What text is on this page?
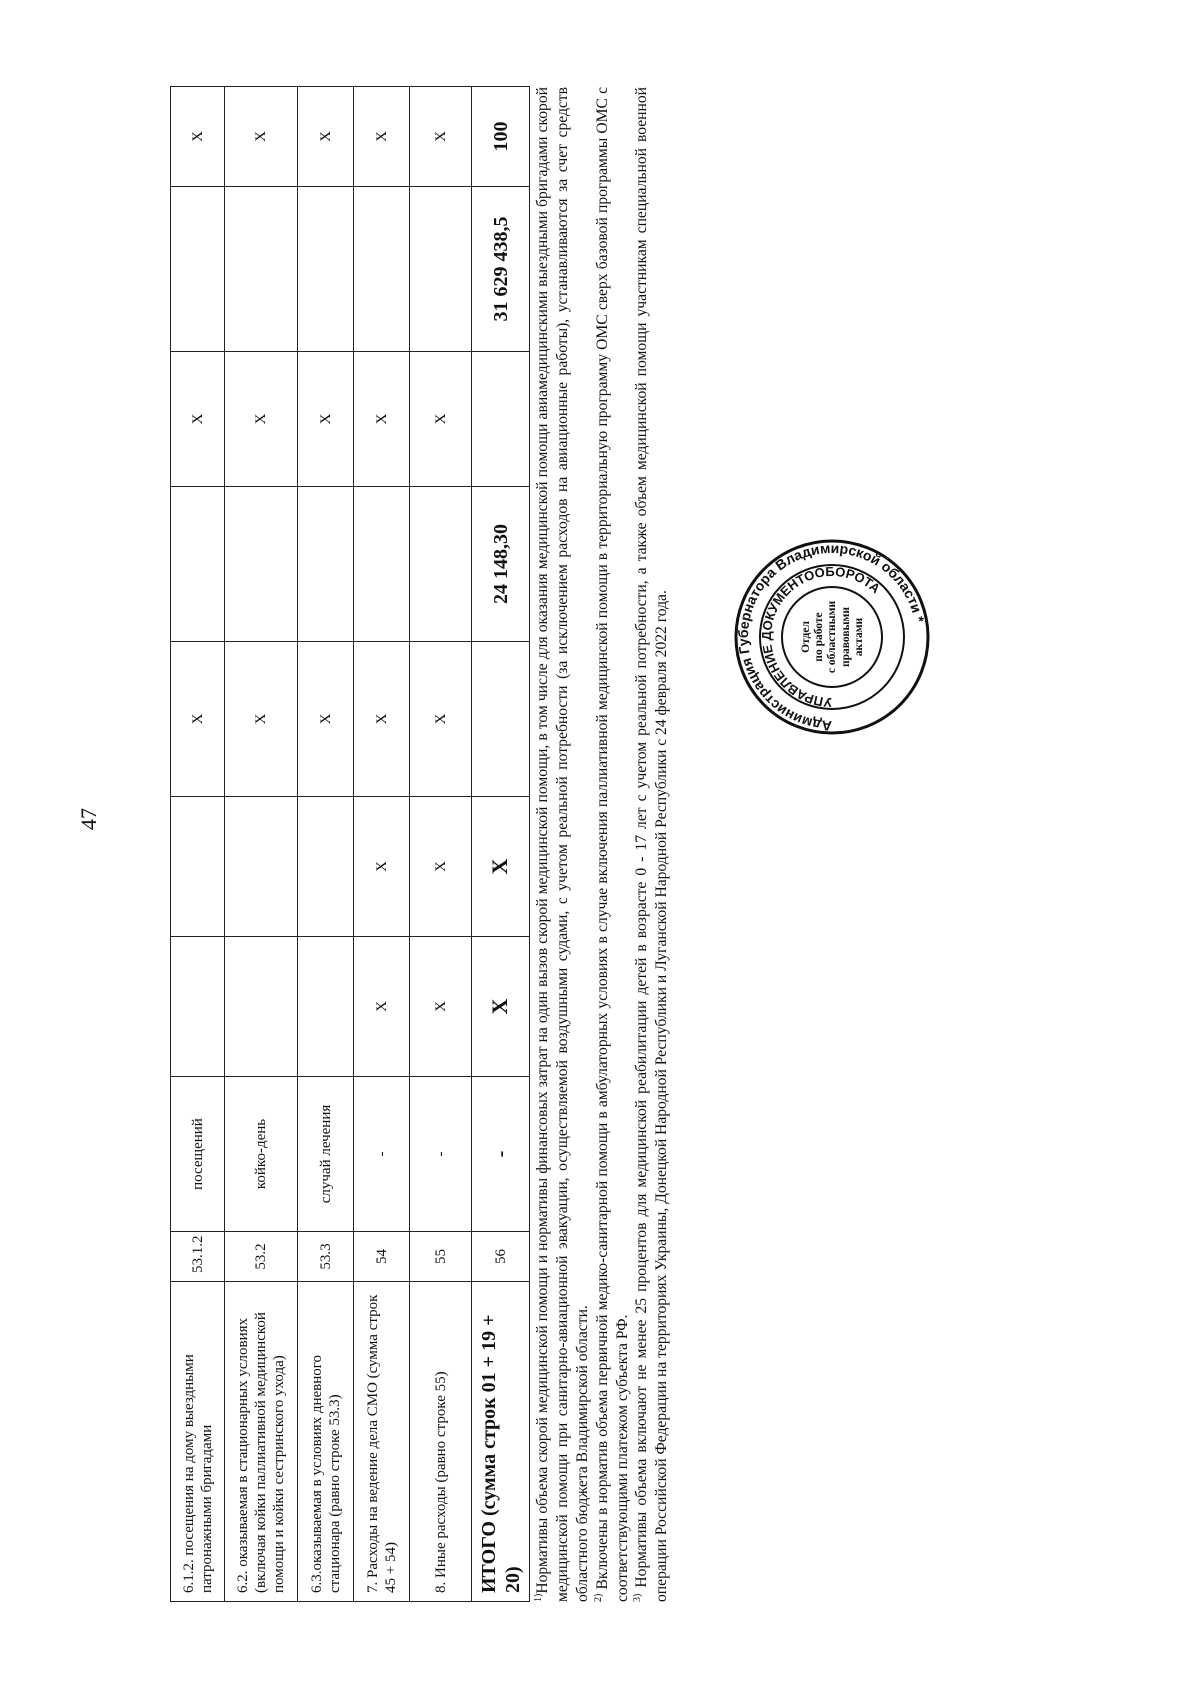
47
6.1.2. посещения на дому выездными патронажными бригадами	53.1.2	посещений			X		X		X
6.2. оказываемая в стационарных условиях (включая койки паллиативной медицинской помощи и койки сестринского ухода)	53.2	койко-день			X		X		X
6.3.оказываемая в условиях дневного стационара (равно строке 53.3)	53.3	случай лечения			X		X		X
7. Расходы на ведение дела СМО (сумма строк 45 + 54)	54	-	X	X	X		X		X
8. Иные расходы (равно строке 55)	55	-	X	X	X		X		X
ИТОГО (сумма строк 01 + 19 + 20)	56	-	X	X		24 148,30		31 629 438,5	100

$^{1)}$Нормативы объема скорой медицинской помощи и нормативы финансовых затрат на один вызов скорой медицинской помощи, в том числе для оказания медицинской помощи авиамедицинскими выездными бригадами скорой медицинской помощи при санитарно-авиационной эвакуации, осуществляемой воздушными судами, с учетом реальной потребности (за исключением расходов на авиационные работы), устанавливаются за счет средств областного бюджета Владимирской области. $^{2)}$ Включены в норматив объема первичной медико-санитарной помощи в амбулаторных условиях в случае включения паллиативной медицинской помощи в территориальную программу ОМС сверх базовой программы ОМС с соответствующими платежом субъекта РФ. $^{3)}$ Нормативы объема включают не менее 25 процентов для медицинской реабилитации детей в возрасте 0 - 17 лет с учетом реальной потребности, а также объем медицинской помощи участникам специальной военной операции Российской Федерации на территориях Украины, Донецкой Народной Республики и Луганской Народной Республики с 24 февраля 2022 года.	Администрация Губернатора Владимирской области *
УПРАВЛЕНИЕ ДОКУМЕНТООБОРОТА
Отдел по работе с областными правовыми актами
